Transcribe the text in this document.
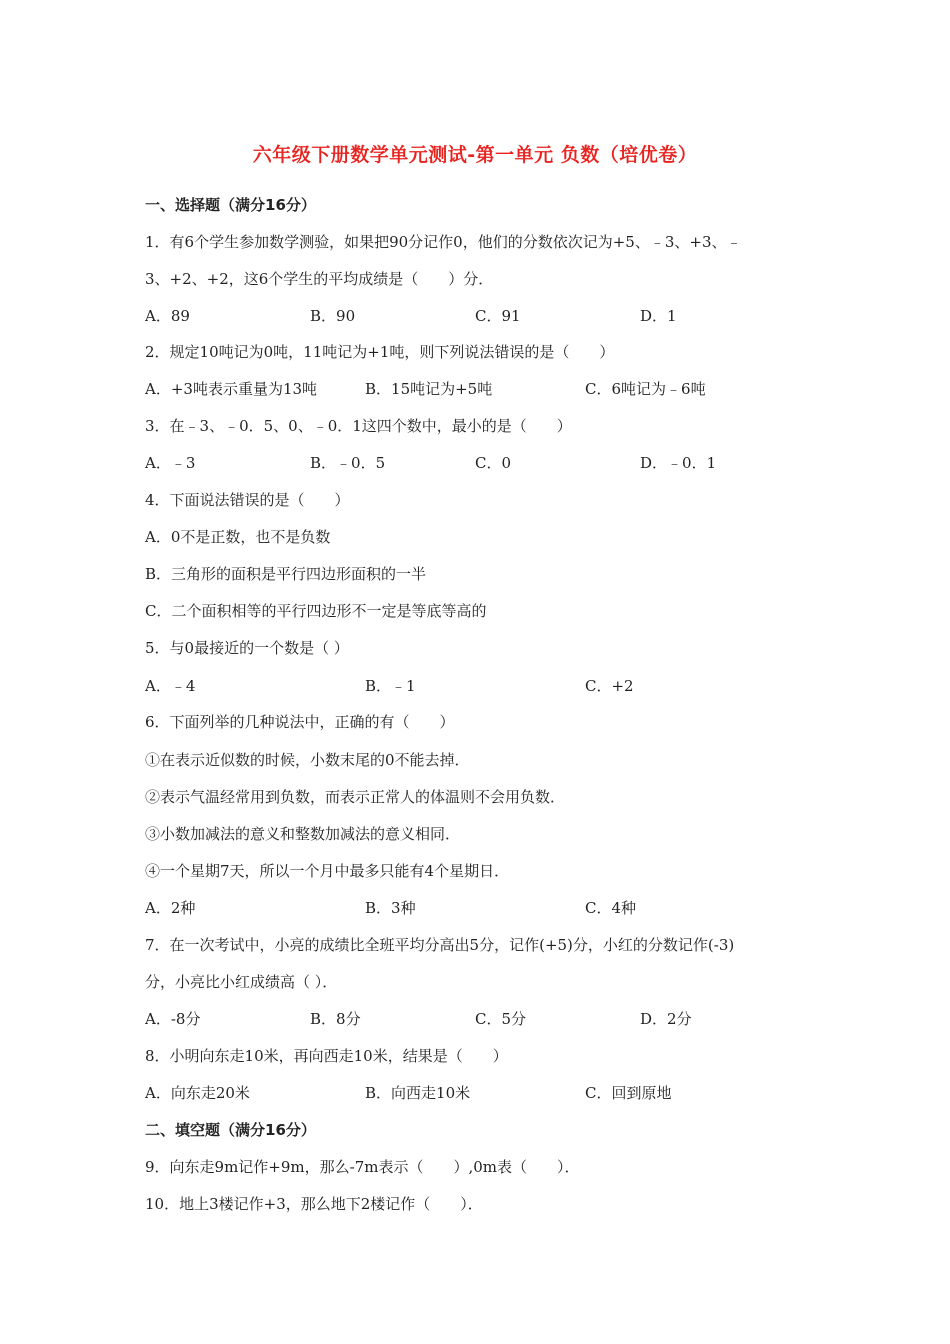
六年级下册数学单元测试-第一单元 负数（培优卷）
一、选择题（满分16分）
1．有6个学生参加数学测验，如果把90分记作0，他们的分数依次记为+5、﹣3、+3、﹣
3、+2、+2，这6个学生的平均成绩是（　　）分．
A．89	B．90	C．91	D．1
2．规定10吨记为0吨，11吨记为+1吨，则下列说法错误的是（　　）
A．+3吨表示重量为13吨	B．15吨记为+5吨	C．6吨记为﹣6吨
3．在﹣3、﹣0．5、0、﹣0．1这四个数中，最小的是（　　）
A．﹣3	B．﹣0．5	C．0	D．﹣0．1
4．下面说法错误的是（　　）
A．0不是正数，也不是负数
B．三角形的面积是平行四边形面积的一半
C．二个面积相等的平行四边形不一定是等底等高的
5．与0最接近的一个数是（ ）
A．﹣4	B．﹣1	C．+2
6．下面列举的几种说法中，正确的有（　　）
①在表示近似数的时候，小数末尾的0不能去掉．
②表示气温经常用到负数，而表示正常人的体温则不会用负数．
③小数加减法的意义和整数加减法的意义相同．
④一个星期7天，所以一个月中最多只能有4个星期日．
A．2种	B．3种	C．4种
7．在一次考试中，小亮的成绩比全班平均分高出5分，记作(+5)分，小红的分数记作(-3)
分，小亮比小红成绩高（ ）．
A．-8分	B．8分	C．5分	D．2分
8．小明向东走10米，再向西走10米，结果是（　　）
A．向东走20米	B．向西走10米	C．回到原地
二、填空题（满分16分）
9．向东走9m记作+9m，那么-7m表示（　　）,0m表（　　）．
10．地上3楼记作+3，那么地下2楼记作（　　）．
